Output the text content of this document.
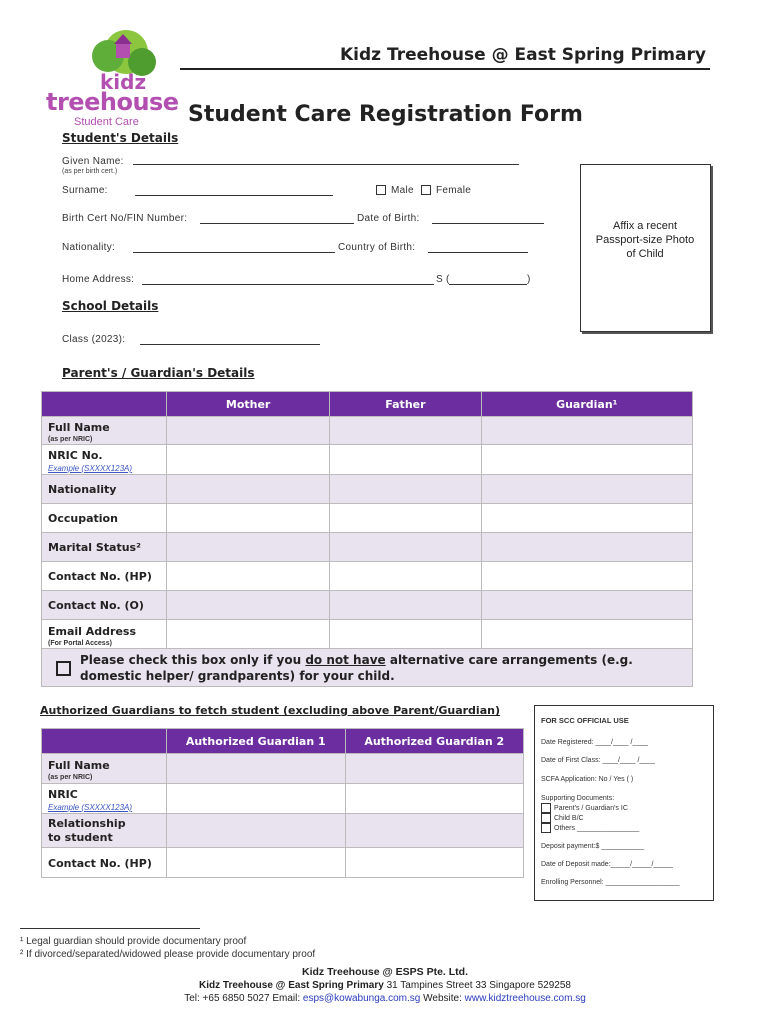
kidz
treehouse
Student Care
Kidz Treehouse @ East Spring Primary
Student Care Registration Form
Student's Details
Given Name:
(as per birth cert.)
Surname:	Male Female
Birth Cert No/FIN Number:	Date of Birth:
Nationality:	Country of Birth:
Home Address:	S (	)
Affix a recent Passport-size Photo of Child
School Details
Class (2023):
Parent's / Guardian's Details
	Mother	Father	Guardian¹
Full Name
(as per NRIC)			

NRIC No.
Example (SXXXX123A)			

Nationality			
Occupation			
Marital Status²			
Contact No. (HP)			
Contact No. (O)			
Email Address
(For Portal Access)			

Please check this box only if you do not have alternative care arrangements (e.g. domestic helper/ grandparents) for your child.			
Authorized Guardians to fetch student (excluding above Parent/Guardian)
	Authorized Guardian 1	Authorized Guardian 2
Full Name
(as per NRIC)		

NRIC
Example (SXXXX123A)		

Relationship to student		

Contact No. (HP)		
FOR SCC OFFICIAL USE
Date Registered: ____/____ /____
Date of First Class: ____/____ /____
SCFA Application: No / Yes ( )
Supporting Documents:
Parent's / Guardian's IC
Child B/C
Others ________________
Deposit payment:$ ___________
Date of Deposit made:_____/_____/_____
Enrolling Personnel: ___________________
¹ Legal guardian should provide documentary proof
² If divorced/separated/widowed please provide documentary proof
Kidz Treehouse @ ESPS Pte. Ltd.
Kidz Treehouse @ East Spring Primary 31 Tampines Street 33 Singapore 529258
Tel: +65 6850 5027 Email: esps@kowabunga.com.sg Website: www.kidztreehouse.com.sg
